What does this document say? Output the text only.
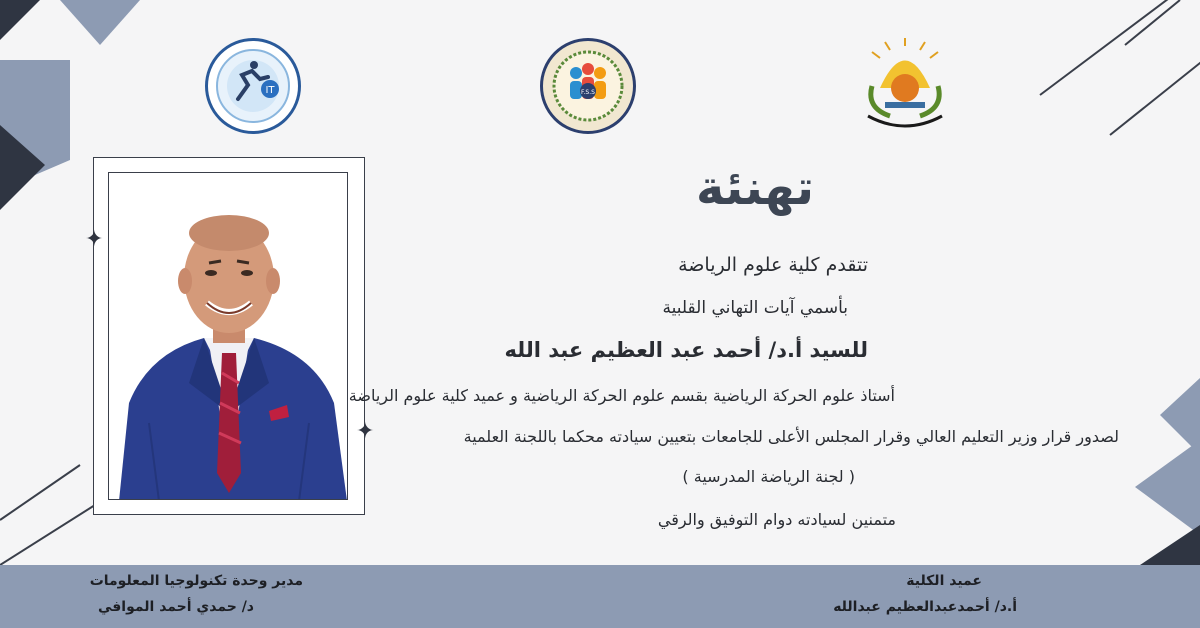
IT	F.S.S
✦
✦
تهنئة
تتقدم كلية علوم الرياضة
بأسمي آيات التهاني القلبية
للسيد أ.د/ أحمد عبد العظيم عبد الله
أستاذ علوم الحركة الرياضية بقسم علوم الحركة الرياضية و عميد كلية علوم الرياضة
لصدور قرار وزير التعليم العالي وقرار المجلس الأعلى للجامعات بتعيين سيادته محكما باللجنة العلمية
( لجنة الرياضة المدرسية )
متمنين لسيادته دوام التوفيق والرقي
عميد الكلية
أ.د/ أحمدعبدالعظيم عبدالله
مدير وحدة تكنولوجيا المعلومات
د/ حمدي أحمد الموافي
